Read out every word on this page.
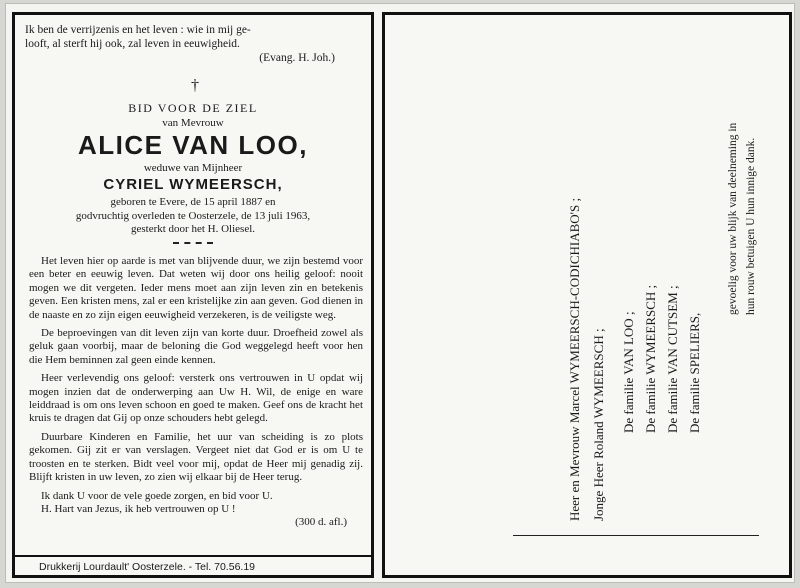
Ik ben de verrijzenis en het leven : wie in mij ge-
looft, al sterft hij ook, zal leven in eeuwigheid.
(Evang. H. Joh.)
†
BID VOOR DE ZIEL
van Mevrouw
ALICE VAN LOO,
weduwe van Mijnheer
CYRIEL WYMEERSCH,
geboren te Evere, de 15 april 1887 en
godvruchtig overleden te Oosterzele, de 13 juli 1963,
gesterkt door het H. Oliesel.

Het leven hier op aarde is met van blijvende duur, we zijn bestemd voor een beter en eeuwig leven. Dat weten wij door ons heilig geloof: nooit mogen we dit vergeten. Ieder mens moet aan zijn leven zin en betekenis geven. Een kristen mens, zal er een kristelijke zin aan geven. God dienen in de naaste en zo zijn eigen eeuwigheid verzekeren, is de veiligste weg.

De beproevingen van dit leven zijn van korte duur. Droefheid zowel als geluk gaan voorbij, maar de beloning die God weggelegd heeft voor hen die Hem beminnen zal geen einde kennen.

Heer verlevendig ons geloof: versterk ons vertrouwen in U opdat wij mogen inzien dat de onderwerping aan Uw H. Wil, de enige en ware leiddraad is om ons leven schoon en goed te maken. Geef ons de kracht het kruis te dragen dat Gij op onze schouders hebt gelegd.

Duurbare Kinderen en Familie, het uur van scheiding is zo plots gekomen. Gij zit er van verslagen. Vergeet niet dat God er is om U te troosten en te sterken. Bidt veel voor mij, opdat de Heer mij genadig zij. Blijft kristen in uw leven, zo zien wij elkaar bij de Heer terug.

Ik dank U voor de vele goede zorgen, en bid voor U.
H. Hart van Jezus, ik heb vertrouwen op U !
(300 d. afl.)
Drukkerij Lourdault' Oosterzele. - Tel. 70.56.19
Heer en Mevrouw Marcel WYMEERSCH-CODICHIABO'S ; Jonge Heer Roland WYMEERSCH ; De familie VAN LOO ; De familie WYMEERSCH ; De familie VAN CUTSEM ; De familie SPELIERS,
gevoelig voor uw blijk van deelneming in hun rouw betuigen U hun innige dank.
